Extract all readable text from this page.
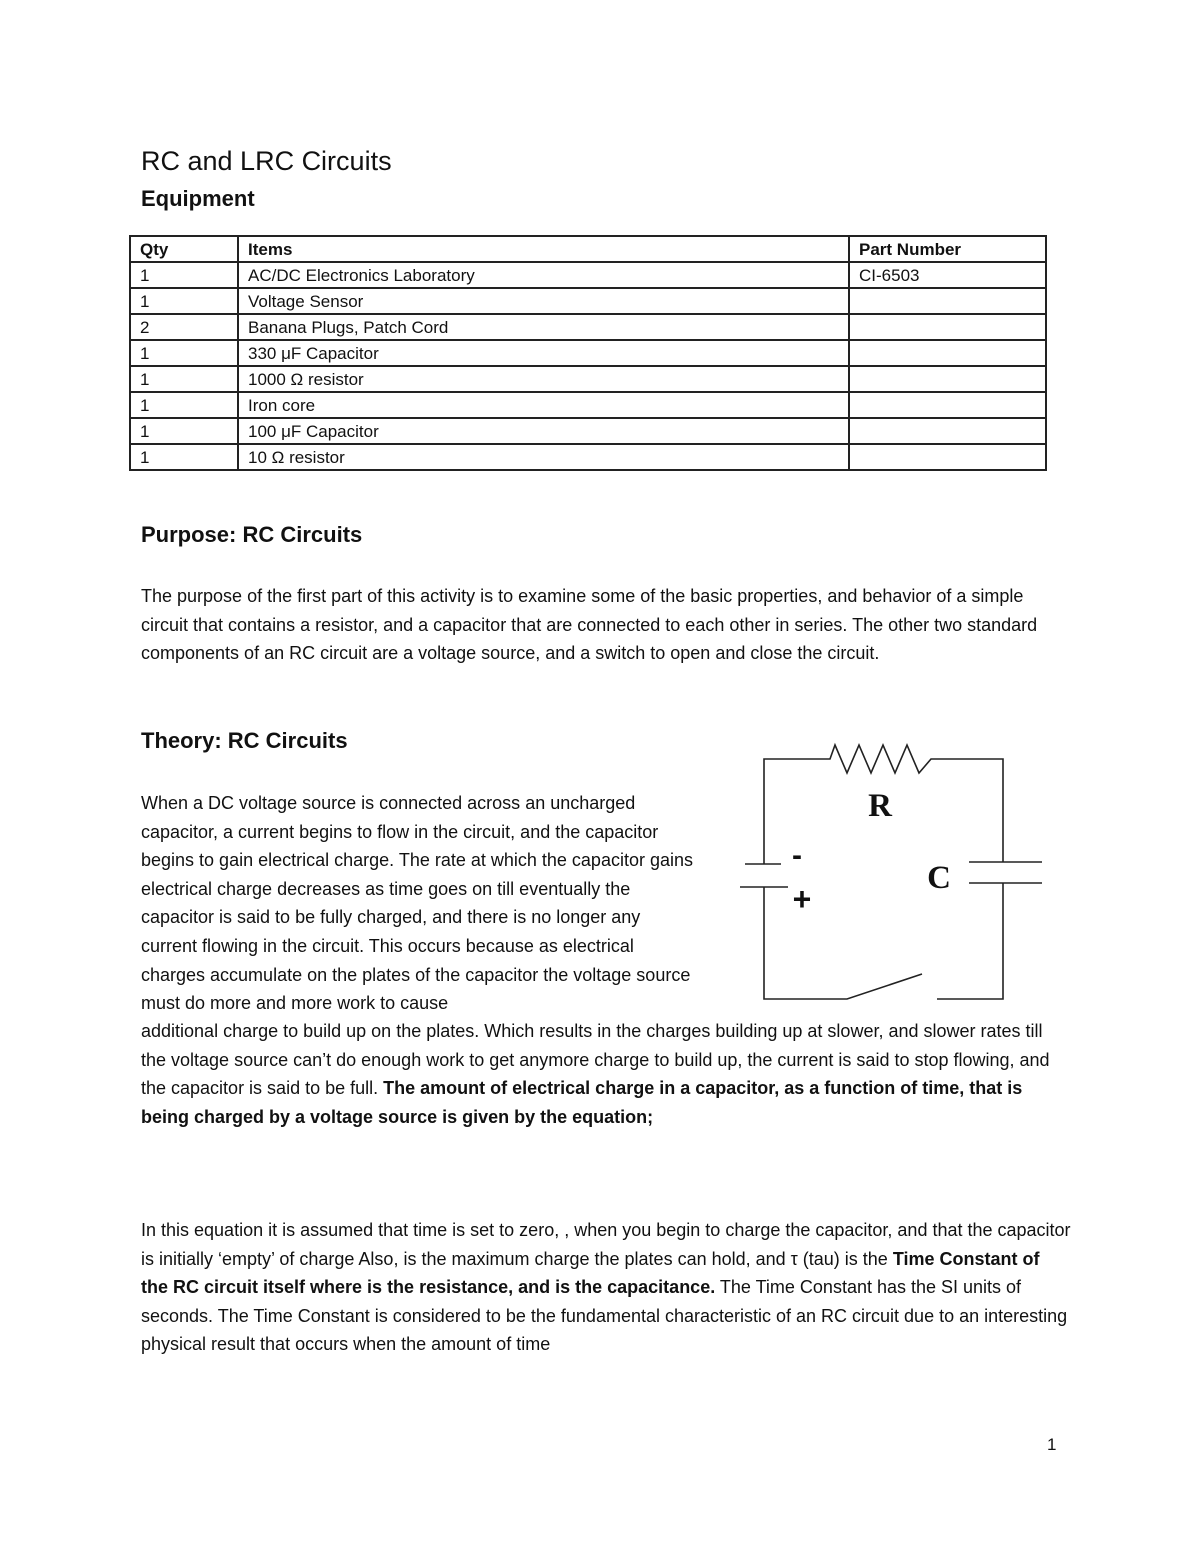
RC and LRC Circuits
Equipment
Qty	Items	Part Number
1	AC/DC Electronics Laboratory	CI-6503
1	Voltage Sensor	
2	Banana Plugs, Patch Cord	
1	330 μF Capacitor	
1	1000 Ω resistor	
1	Iron core	
1	100 μF Capacitor	
1	10 Ω resistor	
Purpose: RC Circuits

The purpose of the first part of this activity is to examine some of the basic properties, and behavior of a simple circuit that contains a resistor, and a capacitor that are connected to each other in series. The other two standard components of an RC circuit are a voltage source, and a switch to open and close the circuit.

Theory: RC Circuits

When a DC voltage source is connected across an uncharged capacitor, a current begins to flow in the circuit, and the capacitor begins to gain electrical charge. The rate at which the capacitor gains electrical charge decreases as time goes on till eventually the capacitor is said to be fully charged, and there is no longer any current flowing in the circuit. This occurs because as electrical charges accumulate on the plates of the capacitor the voltage source must do more and more work to cause

additional charge to build up on the plates. Which results in the charges building up at slower, and slower rates till the voltage source can’t do enough work to get anymore charge to build up, the current is said to stop flowing, and the capacitor is said to be full. The amount of electrical charge in a capacitor, as a function of time, that is being charged by a voltage source is given by the equation;

In this equation it is assumed that time is set to zero, , when you begin to charge the capacitor, and that the capacitor is initially ‘empty’ of charge Also, is the maximum charge the plates can hold, and τ (tau) is the Time Constant of the RC circuit itself where is the resistance, and is the capacitance. The Time Constant has the SI units of seconds. The Time Constant is considered to be the fundamental characteristic of an RC circuit due to an interesting physical result that occurs when the amount of time

R
C
-
+

1
